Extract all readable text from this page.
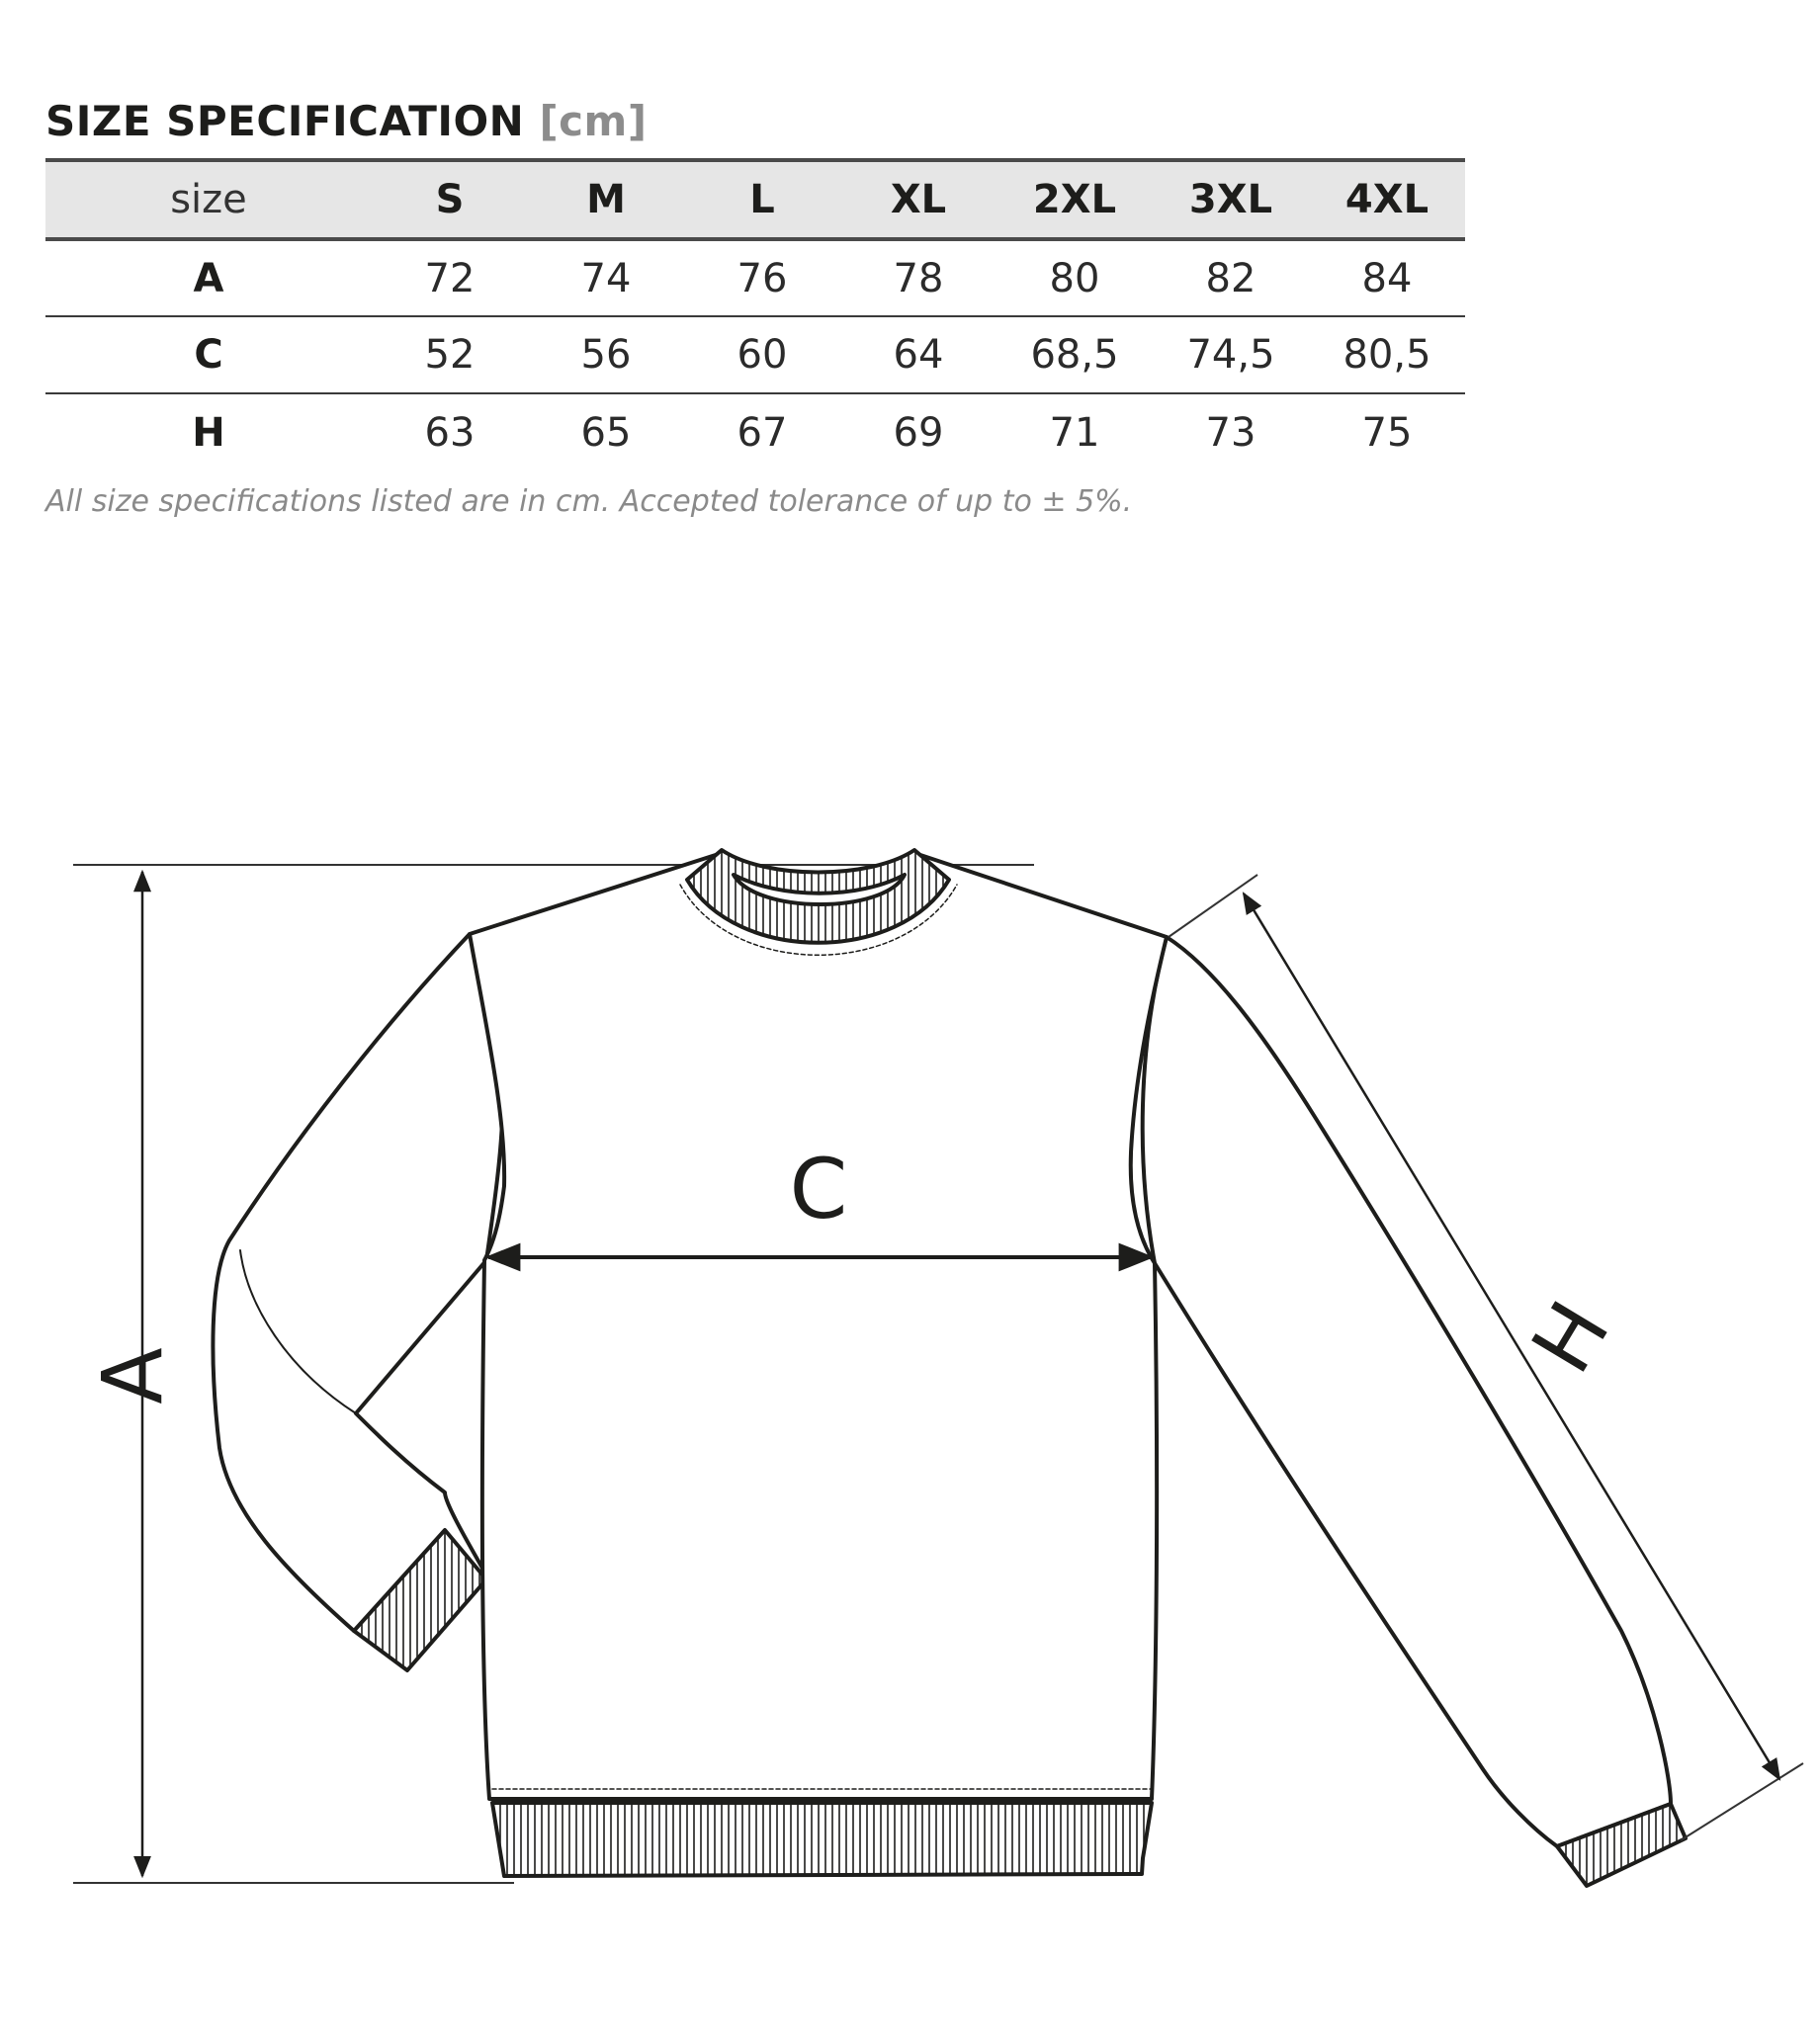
SIZE SPECIFICATION [cm]
size	S	M	L	XL	2XL	3XL	4XL
A	72	74	76	78	80	82	84
C	52	56	60	64	68,5	74,5	80,5
H	63	65	67	69	71	73	75
All size specifications listed are in cm. Accepted tolerance of up to ± 5%.
A
C
H
